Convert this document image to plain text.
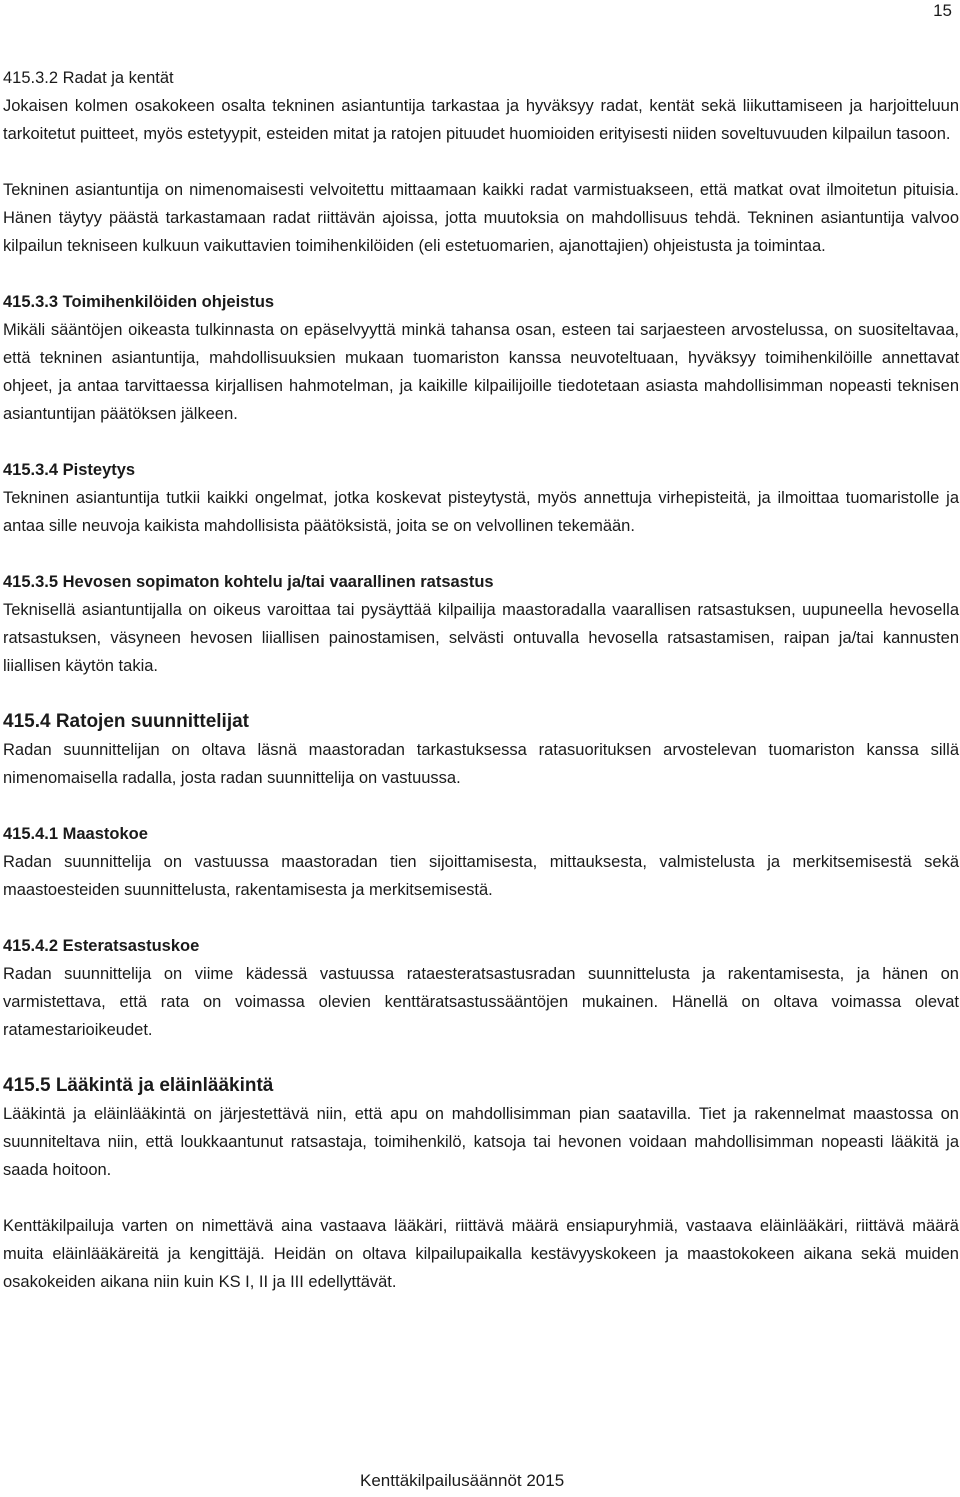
15
415.3.2 Radat ja kentät

Jokaisen kolmen osakokeen osalta tekninen asiantuntija tarkastaa ja hyväksyy radat, kentät sekä liikuttamiseen ja harjoitteluun tarkoitetut puitteet, myös estetyypit, esteiden mitat ja ratojen pituudet huomioiden erityisesti niiden soveltuvuuden kilpailun tasoon.

Tekninen asiantuntija on nimenomaisesti velvoitettu mittaamaan kaikki radat varmistuakseen, että matkat ovat ilmoitetun pituisia. Hänen täytyy päästä tarkastamaan radat riittävän ajoissa, jotta muutoksia on mahdollisuus tehdä. Tekninen asiantuntija valvoo kilpailun tekniseen kulkuun vaikuttavien toimihenkilöiden (eli estetuomarien, ajanottajien) ohjeistusta ja toimintaa.

415.3.3 Toimihenkilöiden ohjeistus

Mikäli sääntöjen oikeasta tulkinnasta on epäselvyyttä minkä tahansa osan, esteen tai sarjaesteen arvostelussa, on suositeltavaa, että tekninen asiantuntija, mahdollisuuksien mukaan tuomariston kanssa neuvoteltuaan, hyväksyy toimihenkilöille annettavat ohjeet, ja antaa tarvittaessa kirjallisen hahmotelman, ja kaikille kilpailijoille tiedotetaan asiasta mahdollisimman nopeasti teknisen asiantuntijan päätöksen jälkeen.

415.3.4 Pisteytys

Tekninen asiantuntija tutkii kaikki ongelmat, jotka koskevat pisteytystä, myös annettuja virhepisteitä, ja ilmoittaa tuomaristolle ja antaa sille neuvoja kaikista mahdollisista päätöksistä, joita se on velvollinen tekemään.

415.3.5 Hevosen sopimaton kohtelu ja/tai vaarallinen ratsastus

Teknisellä asiantuntijalla on oikeus varoittaa tai pysäyttää kilpailija maastoradalla vaarallisen ratsastuksen, uupuneella hevosella ratsastuksen, väsyneen hevosen liiallisen painostamisen, selvästi ontuvalla hevosella ratsastamisen, raipan ja/tai kannusten liiallisen käytön takia.

415.4 Ratojen suunnittelijat

Radan suunnittelijan on oltava läsnä maastoradan tarkastuksessa ratasuorituksen arvostelevan tuomariston kanssa sillä nimenomaisella radalla, josta radan suunnittelija on vastuussa.

415.4.1 Maastokoe

Radan suunnittelija on vastuussa maastoradan tien sijoittamisesta, mittauksesta, valmistelusta ja merkitsemisestä sekä maastoesteiden suunnittelusta, rakentamisesta ja merkitsemisestä.

415.4.2 Esteratsastuskoe

Radan suunnittelija on viime kädessä vastuussa rataesteratsastusradan suunnittelusta ja rakentamisesta, ja hänen on varmistettava, että rata on voimassa olevien kenttäratsastussääntöjen mukainen. Hänellä on oltava voimassa olevat ratamestarioikeudet.

415.5 Lääkintä ja eläinlääkintä

Lääkintä ja eläinlääkintä on järjestettävä niin, että apu on mahdollisimman pian saatavilla. Tiet ja rakennelmat maastossa on suunniteltava niin, että loukkaantunut ratsastaja, toimihenkilö, katsoja tai hevonen voidaan mahdollisimman nopeasti lääkitä ja saada hoitoon.

Kenttäkilpailuja varten on nimettävä aina vastaava lääkäri, riittävä määrä ensiapuryhmiä, vastaava eläinlääkäri, riittävä määrä muita eläinlääkäreitä ja kengittäjä. Heidän on oltava kilpailupaikalla kestävyyskokeen ja maastokokeen aikana sekä muiden osakokeiden aikana niin kuin KS I, II ja III edellyttävät.

Kenttäkilpailusäännöt 2015
